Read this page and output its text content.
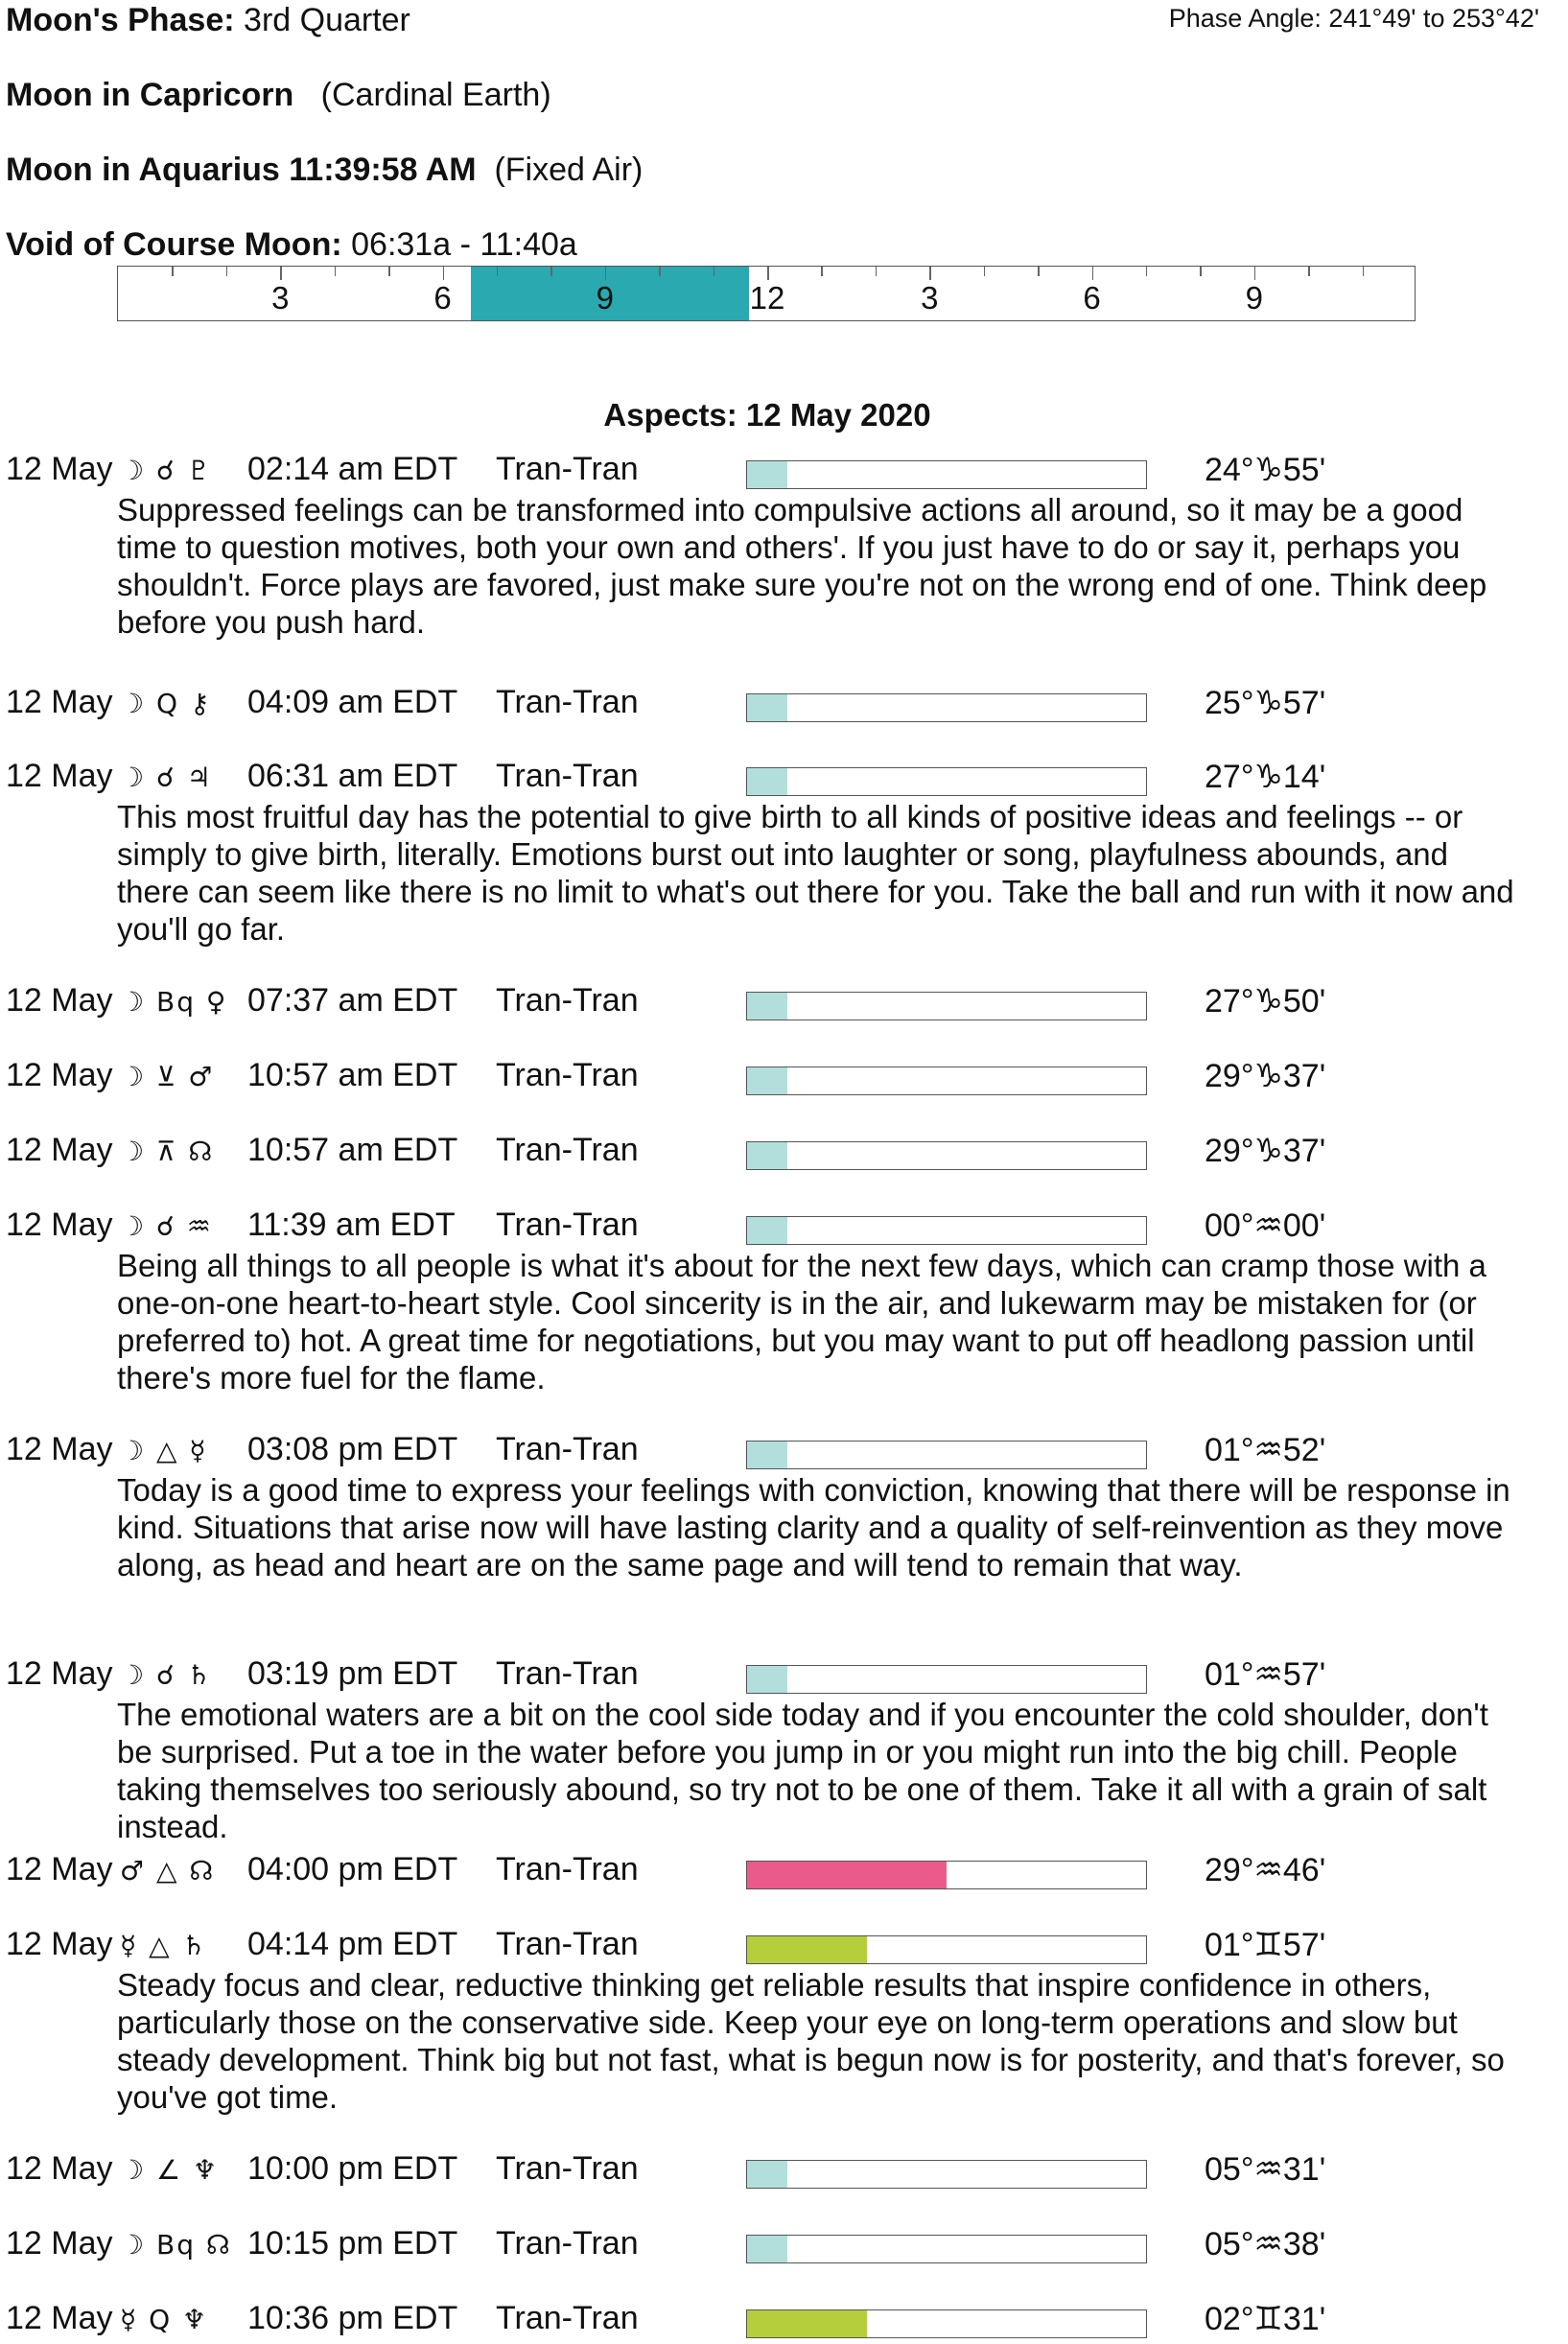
Moon's Phase: 3rd Quarter	Phase Angle: 241°49' to 253°42'
Moon in Capricorn (Cardinal Earth)
Moon in Aquarius 11:39:58 AM (Fixed Air)
Void of Course Moon: 06:31a - 11:40a
3	6	9	12	3	6	9
Aspects: 12 May 2020
12 May ☽ ☌ ♇ 02:14 am EDT Tran-Tran	24°♑55'
Suppressed feelings can be transformed into compulsive actions all around, so it may be a good time to question motives, both your own and others'. If you just have to do or say it, perhaps you shouldn't. Force plays are favored, just make sure you're not on the wrong end of one. Think deep before you push hard.
12 May ☽ Q ⚷ 04:09 am EDT Tran-Tran	25°♑57'
12 May ☽ ☌ ♃ 06:31 am EDT Tran-Tran	27°♑14'
This most fruitful day has the potential to give birth to all kinds of positive ideas and feelings -- or simply to give birth, literally. Emotions burst out into laughter or song, playfulness abounds, and there can seem like there is no limit to what's out there for you. Take the ball and run with it now and you'll go far.
12 May ☽ Bq ♀ 07:37 am EDT Tran-Tran	27°♑50'
12 May ☽ ⊻ ♂ 10:57 am EDT Tran-Tran	29°♑37'
12 May ☽ ⊼ ☊ 10:57 am EDT Tran-Tran	29°♑37'
12 May ☽ ☌ ♒ 11:39 am EDT Tran-Tran	00°♒00'
Being all things to all people is what it's about for the next few days, which can cramp those with a one-on-one heart-to-heart style. Cool sincerity is in the air, and lukewarm may be mistaken for (or preferred to) hot. A great time for negotiations, but you may want to put off headlong passion until there's more fuel for the flame.
12 May ☽ △ ☿ 03:08 pm EDT Tran-Tran	01°♒52'
Today is a good time to express your feelings with conviction, knowing that there will be response in kind. Situations that arise now will have lasting clarity and a quality of self-reinvention as they move along, as head and heart are on the same page and will tend to remain that way.
12 May ☽ ☌ ♄ 03:19 pm EDT Tran-Tran	01°♒57'
The emotional waters are a bit on the cool side today and if you encounter the cold shoulder, don't be surprised. Put a toe in the water before you jump in or you might run into the big chill. People taking themselves too seriously abound, so try not to be one of them. Take it all with a grain of salt instead.
12 May ♂ △ ☊ 04:00 pm EDT Tran-Tran	29°♒46'
12 May ☿ △ ♄ 04:14 pm EDT Tran-Tran	01°♊57'
Steady focus and clear, reductive thinking get reliable results that inspire confidence in others, particularly those on the conservative side. Keep your eye on long-term operations and slow but steady development. Think big but not fast, what is begun now is for posterity, and that's forever, so you've got time.
12 May ☽ ∠ ♆ 10:00 pm EDT Tran-Tran	05°♒31'
12 May ☽ Bq ☊ 10:15 pm EDT Tran-Tran	05°♒38'
12 May ☿ Q ♆ 10:36 pm EDT Tran-Tran	02°♊31'
